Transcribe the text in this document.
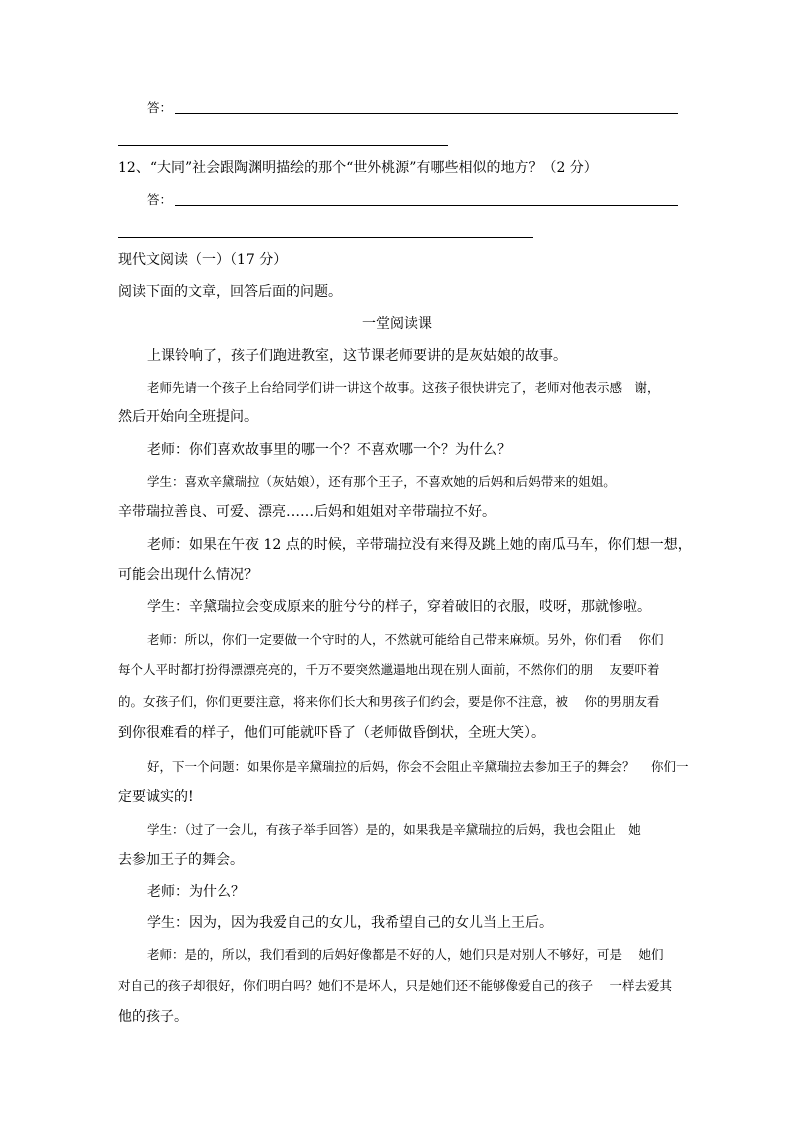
答：
12、“大同”社会跟陶渊明描绘的那个“世外桃源”有哪些相似的地方？（2 分）
答：
现代文阅读（一）（17 分）
阅读下面的文章，回答后面的问题。
一堂阅读课
上课铃响了，孩子们跑进教室，这节课老师要讲的是灰姑娘的故事。
老师先请一个孩子上台给同学们讲一讲这个故事。这孩子很快讲完了，老师对他表示感　谢，
然后开始向全班提问。
老师：你们喜欢故事里的哪一个？不喜欢哪一个？为什么？
学生：喜欢辛黛瑞拉（灰姑娘），还有那个王子，不喜欢她的后妈和后妈带来的姐姐。
辛带瑞拉善良、可爱、漂亮……后妈和姐姐对辛带瑞拉不好。
老师：如果在午夜 12 点的时候，辛带瑞拉没有来得及跳上她的南瓜马车，你们想一想，
可能会出现什么情况？
学生：辛黛瑞拉会变成原来的脏兮兮的样子，穿着破旧的衣服，哎呀，那就惨啦。
老师：所以，你们一定要做一个守时的人，不然就可能给自己带来麻烦。另外，你们看　 你们
每个人平时都打扮得漂漂亮亮的，千万不要突然邋遢地出现在别人面前，不然你们的朋　 友要吓着
的。女孩子们，你们更要注意，将来你们长大和男孩子们约会，要是你不注意，被　 你的男朋友看
到你很难看的样子，他们可能就吓昏了（老师做昏倒状，全班大笑）。
好，下一个问题：如果你是辛黛瑞拉的后妈，你会不会阻止辛黛瑞拉去参加王子的舞会？　 你们一
定要诚实的!
学生：（过了一会儿，有孩子举手回答）是的，如果我是辛黛瑞拉的后妈，我也会阻止　她
去参加王子的舞会。
老师：为什么？
学生：因为，因为我爱自己的女儿，我希望自己的女儿当上王后。
老师：是的，所以，我们看到的后妈好像都是不好的人，她们只是对别人不够好，可是　 她们
对自己的孩子却很好，你们明白吗？她们不是坏人，只是她们还不能够像爱自己的孩子　 一样去爱其
他的孩子。
